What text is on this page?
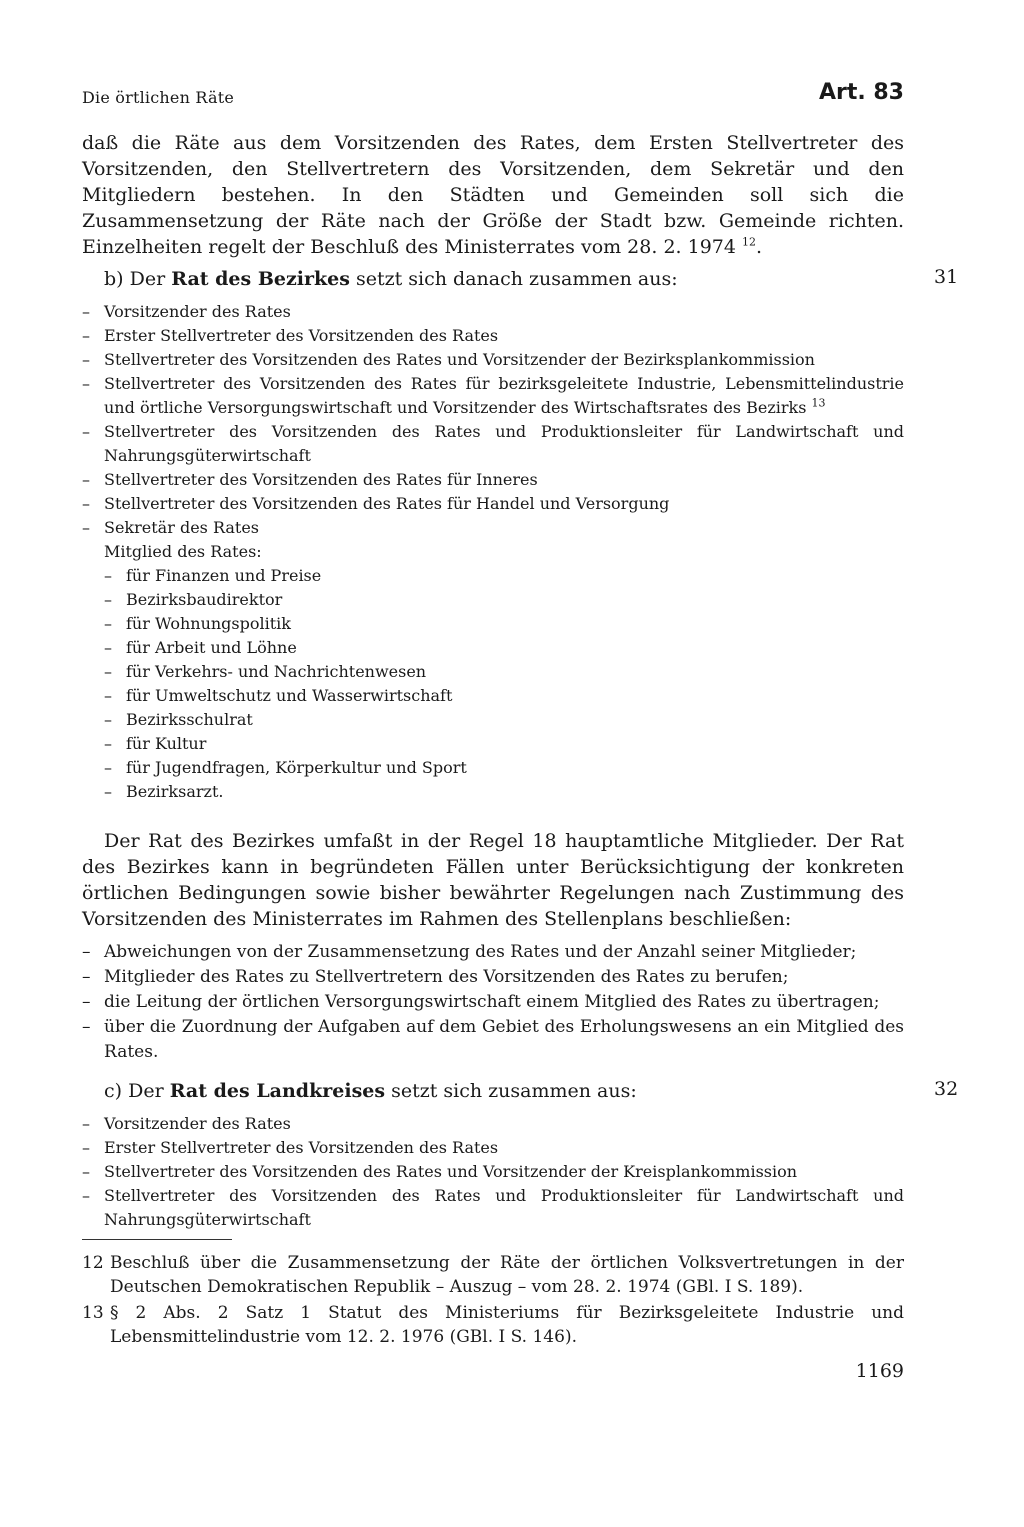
Die örtlichen Räte	Art. 83
31
32

daß die Räte aus dem Vorsitzenden des Rates, dem Ersten Stellvertreter des Vorsitzenden, den Stellvertretern des Vorsitzenden, dem Sekretär und den Mitgliedern bestehen. In den Städten und Gemeinden soll sich die Zusammensetzung der Räte nach der Größe der Stadt bzw. Gemeinde richten. Einzelheiten regelt der Beschluß des Ministerrates vom 28. 2. 1974 $^{12}$.

b) Der Rat des Bezirkes setzt sich danach zusammen aus:

– Vorsitzender des Rates
– Erster Stellvertreter des Vorsitzenden des Rates
– Stellvertreter des Vorsitzenden des Rates und Vorsitzender der Bezirksplankommission
– Stellvertreter des Vorsitzenden des Rates für bezirksgeleitete Industrie, Lebensmittelindustrie und örtliche Versorgungswirtschaft und Vorsitzender des Wirtschaftsrates des Bezirks $^{13}$
– Stellvertreter des Vorsitzenden des Rates und Produktionsleiter für Landwirtschaft und Nahrungsgüterwirtschaft
– Stellvertreter des Vorsitzenden des Rates für Inneres
– Stellvertreter des Vorsitzenden des Rates für Handel und Versorgung
– Sekretär des Rates
Mitglied des Rates:
– für Finanzen und Preise
– Bezirksbaudirektor
– für Wohnungspolitik
– für Arbeit und Löhne
– für Verkehrs- und Nachrichtenwesen
– für Umweltschutz und Wasserwirtschaft
– Bezirksschulrat
– für Kultur
– für Jugendfragen, Körperkultur und Sport
– Bezirksarzt.

Der Rat des Bezirkes umfaßt in der Regel 18 hauptamtliche Mitglieder. Der Rat des Bezirkes kann in begründeten Fällen unter Berücksichtigung der konkreten örtlichen Bedingungen sowie bisher bewährter Regelungen nach Zustimmung des Vorsitzenden des Ministerrates im Rahmen des Stellenplans beschließen:

– Abweichungen von der Zusammensetzung des Rates und der Anzahl seiner Mitglieder;
– Mitglieder des Rates zu Stellvertretern des Vorsitzenden des Rates zu berufen;
– die Leitung der örtlichen Versorgungswirtschaft einem Mitglied des Rates zu übertragen;
– über die Zuordnung der Aufgaben auf dem Gebiet des Erholungswesens an ein Mitglied des Rates.

c) Der Rat des Landkreises setzt sich zusammen aus:

– Vorsitzender des Rates
– Erster Stellvertreter des Vorsitzenden des Rates
– Stellvertreter des Vorsitzenden des Rates und Vorsitzender der Kreisplankommission
– Stellvertreter des Vorsitzenden des Rates und Produktionsleiter für Landwirtschaft und Nahrungsgüterwirtschaft

12 Beschluß über die Zusammensetzung der Räte der örtlichen Volksvertretungen in der Deutschen Demokratischen Republik – Auszug – vom 28. 2. 1974 (GBl. I S. 189).

13 § 2 Abs. 2 Satz 1 Statut des Ministeriums für Bezirksgeleitete Industrie und Lebensmittelindustrie vom 12. 2. 1976 (GBl. I S. 146).

1169
